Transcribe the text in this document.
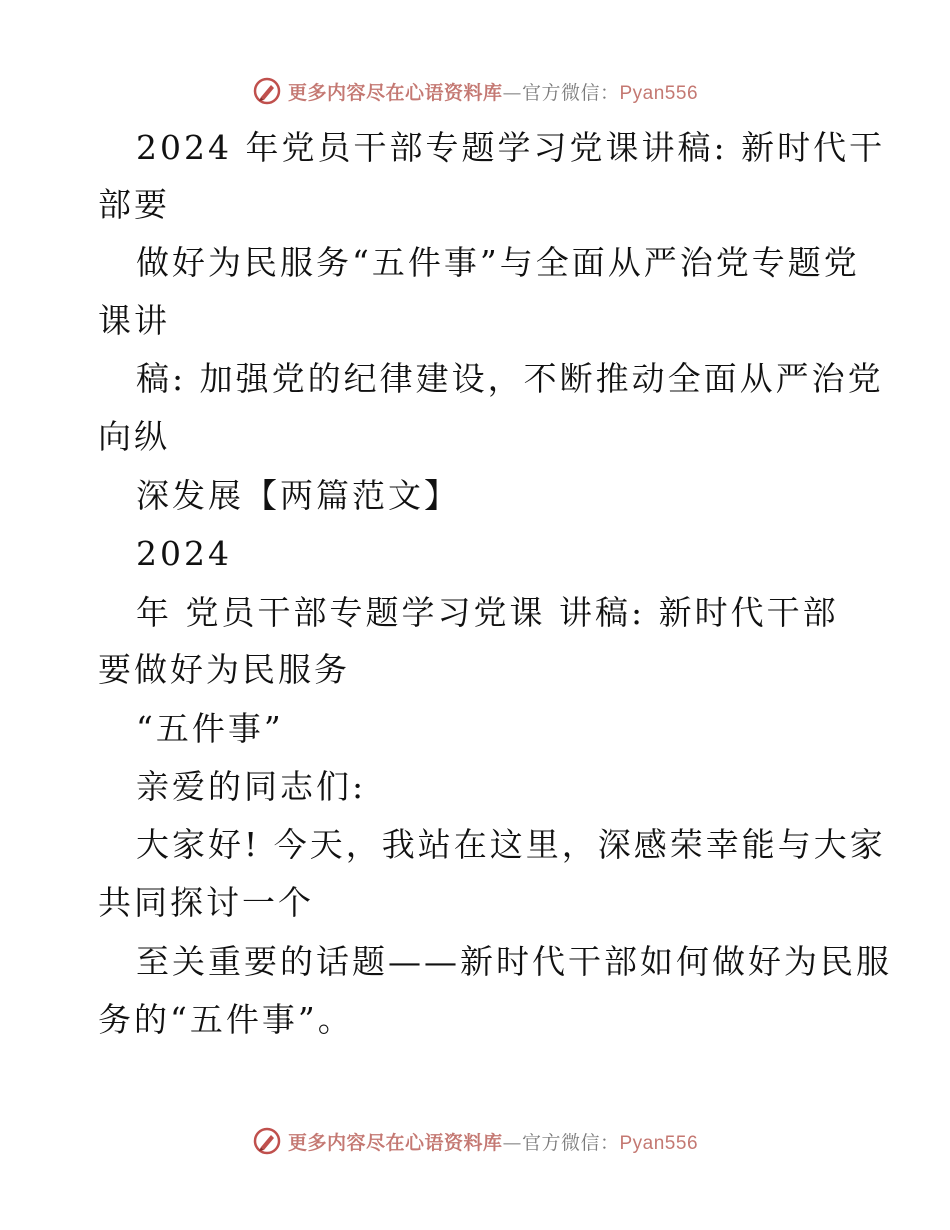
更多内容尽在心语资料库—官方微信：Pyan556
2024 年党员干部专题学习党课讲稿: 新时代干
部要
做好为民服务“五件事”与全面从严治党专题党
课讲
稿: 加强党的纪律建设，不断推动全面从严治党
向纵
深发展【两篇范文】
2024
年 党员干部专题学习党课 讲稿: 新时代干部
要做好为民服务
“五件事”
亲爱的同志们:
大家好! 今天，我站在这里，深感荣幸能与大家
共同探讨一个
至关重要的话题——新时代干部如何做好为民服
务的“五件事”。
更多内容尽在心语资料库—官方微信：Pyan556
